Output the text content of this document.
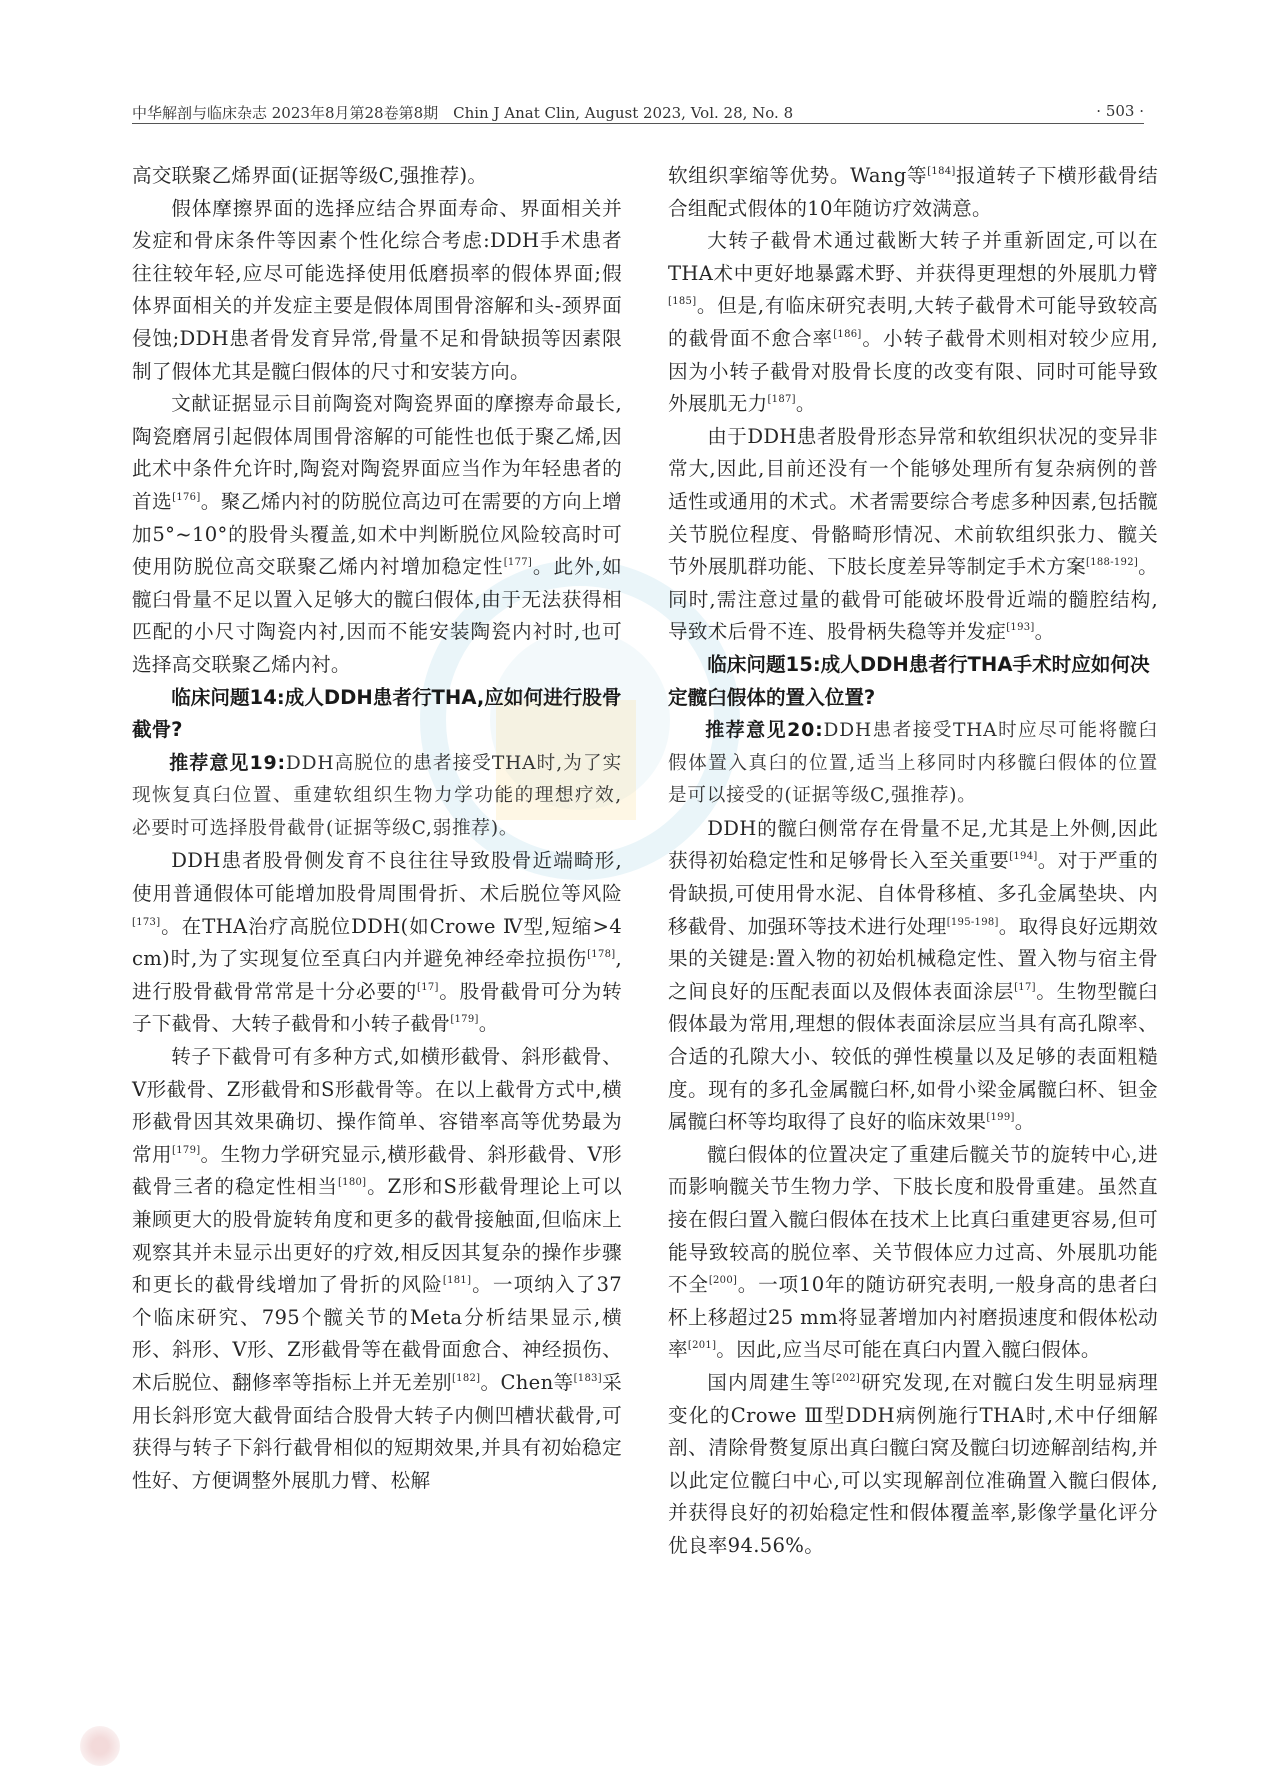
中华解剖与临床杂志 2023年8月第28卷第8期　Chin J Anat Clin, August 2023, Vol. 28, No. 8	· 503 ·

高交联聚乙烯界面(证据等级C,强推荐)。

假体摩擦界面的选择应结合界面寿命、界面相关并发症和骨床条件等因素个性化综合考虑:DDH手术患者往往较年轻,应尽可能选择使用低磨损率的假体界面;假体界面相关的并发症主要是假体周围骨溶解和头-颈界面侵蚀;DDH患者骨发育异常,骨量不足和骨缺损等因素限制了假体尤其是髋臼假体的尺寸和安装方向。

文献证据显示目前陶瓷对陶瓷界面的摩擦寿命最长,陶瓷磨屑引起假体周围骨溶解的可能性也低于聚乙烯,因此术中条件允许时,陶瓷对陶瓷界面应当作为年轻患者的首选[176]。聚乙烯内衬的防脱位高边可在需要的方向上增加5°~10°的股骨头覆盖,如术中判断脱位风险较高时可使用防脱位高交联聚乙烯内衬增加稳定性[177]。此外,如髋臼骨量不足以置入足够大的髋臼假体,由于无法获得相匹配的小尺寸陶瓷内衬,因而不能安装陶瓷内衬时,也可选择高交联聚乙烯内衬。

临床问题14:成人DDH患者行THA,应如何进行股骨截骨?

推荐意见19:DDH高脱位的患者接受THA时,为了实现恢复真臼位置、重建软组织生物力学功能的理想疗效,必要时可选择股骨截骨(证据等级C,弱推荐)。

DDH患者股骨侧发育不良往往导致股骨近端畸形,使用普通假体可能增加股骨周围骨折、术后脱位等风险[173]。在THA治疗高脱位DDH(如Crowe Ⅳ型,短缩>4 cm)时,为了实现复位至真臼内并避免神经牵拉损伤[178],进行股骨截骨常常是十分必要的[17]。股骨截骨可分为转子下截骨、大转子截骨和小转子截骨[179]。

转子下截骨可有多种方式,如横形截骨、斜形截骨、V形截骨、Z形截骨和S形截骨等。在以上截骨方式中,横形截骨因其效果确切、操作简单、容错率高等优势最为常用[179]。生物力学研究显示,横形截骨、斜形截骨、V形截骨三者的稳定性相当[180]。Z形和S形截骨理论上可以兼顾更大的股骨旋转角度和更多的截骨接触面,但临床上观察其并未显示出更好的疗效,相反因其复杂的操作步骤和更长的截骨线增加了骨折的风险[181]。一项纳入了37个临床研究、795个髋关节的Meta分析结果显示,横形、斜形、V形、Z形截骨等在截骨面愈合、神经损伤、术后脱位、翻修率等指标上并无差别[182]。Chen等[183]采用长斜形宽大截骨面结合股骨大转子内侧凹槽状截骨,可获得与转子下斜行截骨相似的短期效果,并具有初始稳定性好、方便调整外展肌力臂、松解

软组织挛缩等优势。Wang等[184]报道转子下横形截骨结合组配式假体的10年随访疗效满意。

大转子截骨术通过截断大转子并重新固定,可以在THA术中更好地暴露术野、并获得更理想的外展肌力臂[185]。但是,有临床研究表明,大转子截骨术可能导致较高的截骨面不愈合率[186]。小转子截骨术则相对较少应用,因为小转子截骨对股骨长度的改变有限、同时可能导致外展肌无力[187]。

由于DDH患者股骨形态异常和软组织状况的变异非常大,因此,目前还没有一个能够处理所有复杂病例的普适性或通用的术式。术者需要综合考虑多种因素,包括髋关节脱位程度、骨骼畸形情况、术前软组织张力、髋关节外展肌群功能、下肢长度差异等制定手术方案[188-192]。同时,需注意过量的截骨可能破坏股骨近端的髓腔结构,导致术后骨不连、股骨柄失稳等并发症[193]。

临床问题15:成人DDH患者行THA手术时应如何决定髋臼假体的置入位置?

推荐意见20:DDH患者接受THA时应尽可能将髋臼假体置入真臼的位置,适当上移同时内移髋臼假体的位置是可以接受的(证据等级C,强推荐)。

DDH的髋臼侧常存在骨量不足,尤其是上外侧,因此获得初始稳定性和足够骨长入至关重要[194]。对于严重的骨缺损,可使用骨水泥、自体骨移植、多孔金属垫块、内移截骨、加强环等技术进行处理[195-198]。取得良好远期效果的关键是:置入物的初始机械稳定性、置入物与宿主骨之间良好的压配表面以及假体表面涂层[17]。生物型髋臼假体最为常用,理想的假体表面涂层应当具有高孔隙率、合适的孔隙大小、较低的弹性模量以及足够的表面粗糙度。现有的多孔金属髋臼杯,如骨小梁金属髋臼杯、钽金属髋臼杯等均取得了良好的临床效果[199]。

髋臼假体的位置决定了重建后髋关节的旋转中心,进而影响髋关节生物力学、下肢长度和股骨重建。虽然直接在假臼置入髋臼假体在技术上比真臼重建更容易,但可能导致较高的脱位率、关节假体应力过高、外展肌功能不全[200]。一项10年的随访研究表明,一般身高的患者臼杯上移超过25 mm将显著增加内衬磨损速度和假体松动率[201]。因此,应当尽可能在真臼内置入髋臼假体。

国内周建生等[202]研究发现,在对髋臼发生明显病理变化的Crowe Ⅲ型DDH病例施行THA时,术中仔细解剖、清除骨赘复原出真臼髋臼窝及髋臼切迹解剖结构,并以此定位髋臼中心,可以实现解剖位准确置入髋臼假体,并获得良好的初始稳定性和假体覆盖率,影像学量化评分优良率94.56%。
